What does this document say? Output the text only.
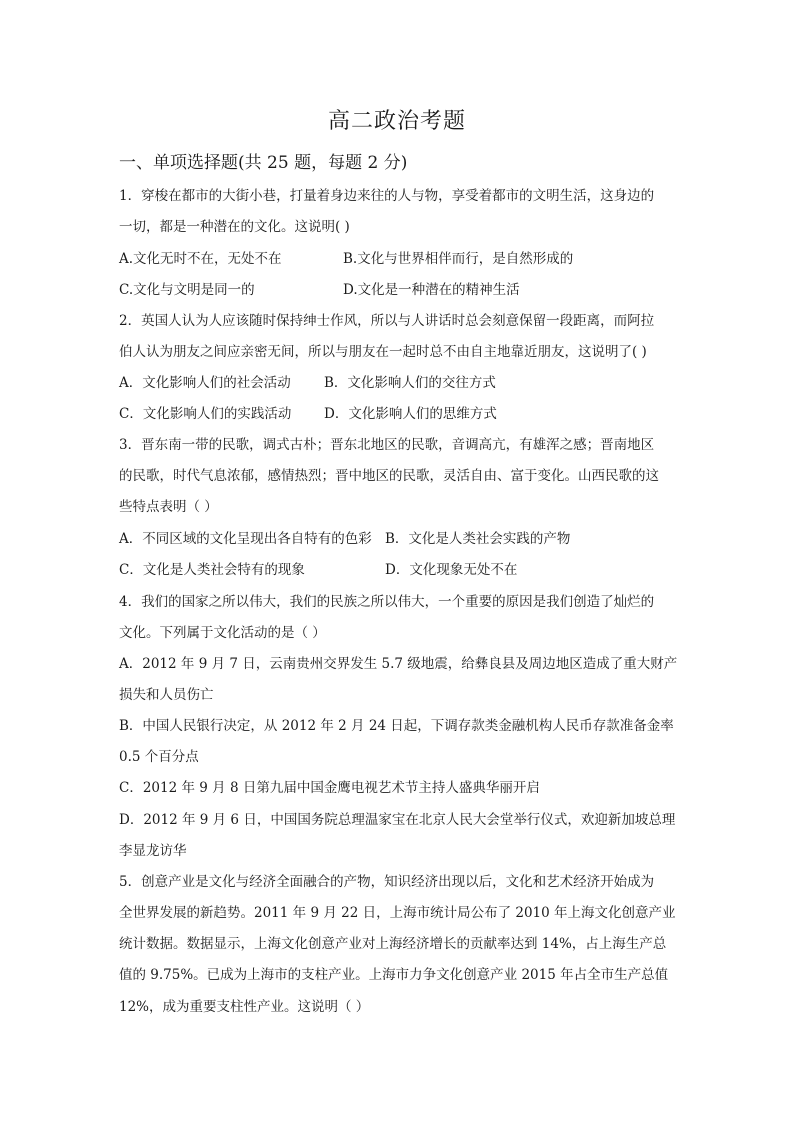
高二政治考题
一、单项选择题(共 25 题，每题 2 分)
1．穿梭在都市的大街小巷，打量着身边来往的人与物，享受着都市的文明生活，这身边的
一切，都是一种潜在的文化。这说明( )
A.文化无时不在，无处不在	B.文化与世界相伴而行，是自然形成的
C.文化与文明是同一的	D.文化是一种潜在的精神生活
2．英国人认为人应该随时保持绅士作风，所以与人讲话时总会刻意保留一段距离，而阿拉
伯人认为朋友之间应亲密无间，所以与朋友在一起时总不由自主地靠近朋友，这说明了( )
A．文化影响人们的社会活动 B．文化影响人们的交往方式
C．文化影响人们的实践活动 D．文化影响人们的思维方式
3．晋东南一带的民歌，调式古朴；晋东北地区的民歌，音调高亢，有雄浑之感；晋南地区
的民歌，时代气息浓郁，感情热烈；晋中地区的民歌，灵活自由、富于变化。山西民歌的这
些特点表明（ ）
A．不同区域的文化呈现出各自特有的色彩 B．文化是人类社会实践的产物
C．文化是人类社会特有的现象	D．文化现象无处不在
4．我们的国家之所以伟大，我们的民族之所以伟大，一个重要的原因是我们创造了灿烂的
文化。下列属于文化活动的是（ ）
A．2012 年 9 月 7 日，云南贵州交界发生 5.7 级地震，给彝良县及周边地区造成了重大财产
损失和人员伤亡
B．中国人民银行决定，从 2012 年 2 月 24 日起，下调存款类金融机构人民币存款准备金率
0.5 个百分点
C．2012 年 9 月 8 日第九届中国金鹰电视艺术节主持人盛典华丽开启
D．2012 年 9 月 6 日，中国国务院总理温家宝在北京人民大会堂举行仪式，欢迎新加坡总理
李显龙访华
5．创意产业是文化与经济全面融合的产物，知识经济出现以后，文化和艺术经济开始成为
全世界发展的新趋势。2011 年 9 月 22 日，上海市统计局公布了 2010 年上海文化创意产业
统计数据。数据显示，上海文化创意产业对上海经济增长的贡献率达到 14%，占上海生产总
值的 9.75%。已成为上海市的支柱产业。上海市力争文化创意产业 2015 年占全市生产总值
12%，成为重要支柱性产业。这说明（ ）
